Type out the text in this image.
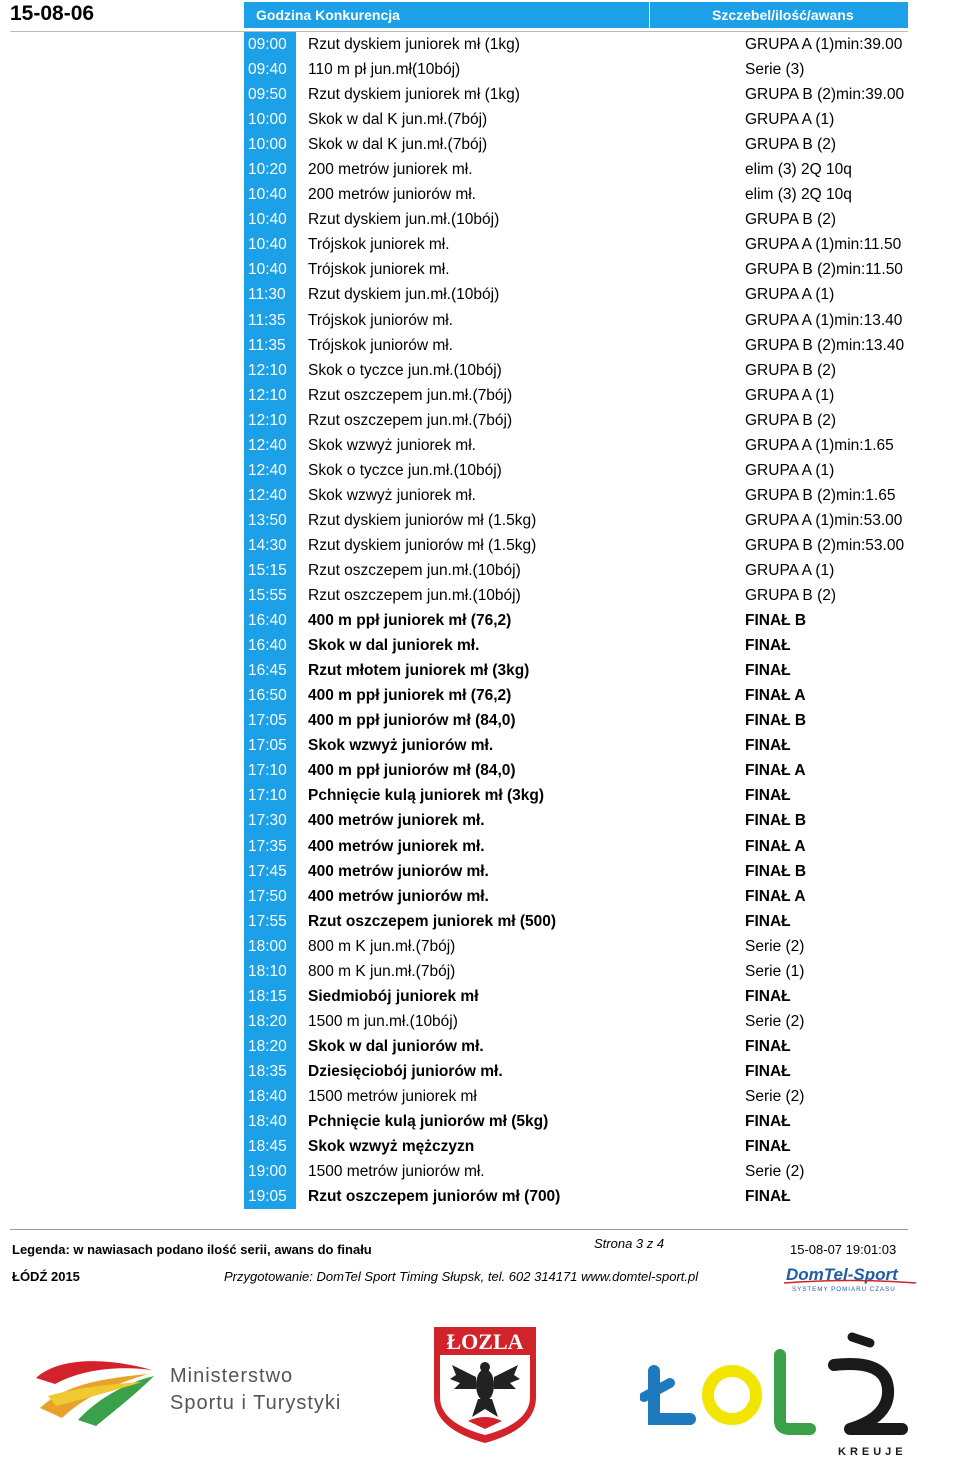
15-08-06	Godzina Konkurencja	Szczebel/ilość/awans
09:00	Rzut dyskiem juniorek mł (1kg)	GRUPA A (1)min:39.00
09:40	110 m pł jun.mł(10bój)	Serie (3)
09:50	Rzut dyskiem juniorek mł (1kg)	GRUPA B (2)min:39.00
10:00	Skok w dal K jun.mł.(7bój)	GRUPA A (1)
10:00	Skok w dal K jun.mł.(7bój)	GRUPA B (2)
10:20	200 metrów juniorek mł.	elim (3) 2Q 10q
10:40	200 metrów juniorów mł.	elim (3) 2Q 10q
10:40	Rzut dyskiem jun.mł.(10bój)	GRUPA B (2)
10:40	Trójskok juniorek mł.	GRUPA A (1)min:11.50
10:40	Trójskok juniorek mł.	GRUPA B (2)min:11.50
11:30	Rzut dyskiem jun.mł.(10bój)	GRUPA A (1)
11:35	Trójskok juniorów mł.	GRUPA A (1)min:13.40
11:35	Trójskok juniorów mł.	GRUPA B (2)min:13.40
12:10	Skok o tyczce jun.mł.(10bój)	GRUPA B (2)
12:10	Rzut oszczepem jun.mł.(7bój)	GRUPA A (1)
12:10	Rzut oszczepem jun.mł.(7bój)	GRUPA B (2)
12:40	Skok wzwyż juniorek mł.	GRUPA A (1)min:1.65
12:40	Skok o tyczce jun.mł.(10bój)	GRUPA A (1)
12:40	Skok wzwyż juniorek mł.	GRUPA B (2)min:1.65
13:50	Rzut dyskiem juniorów mł (1.5kg)	GRUPA A (1)min:53.00
14:30	Rzut dyskiem juniorów mł (1.5kg)	GRUPA B (2)min:53.00
15:15	Rzut oszczepem jun.mł.(10bój)	GRUPA A (1)
15:55	Rzut oszczepem jun.mł.(10bój)	GRUPA B (2)
16:40	400 m ppł juniorek mł (76,2)	FINAŁ B
16:40	Skok w dal juniorek mł.	FINAŁ
16:45	Rzut młotem juniorek mł (3kg)	FINAŁ
16:50	400 m ppł juniorek mł (76,2)	FINAŁ A
17:05	400 m ppł juniorów mł (84,0)	FINAŁ B
17:05	Skok wzwyż juniorów mł.	FINAŁ
17:10	400 m ppł juniorów mł (84,0)	FINAŁ A
17:10	Pchnięcie kulą juniorek mł (3kg)	FINAŁ
17:30	400 metrów juniorek mł.	FINAŁ B
17:35	400 metrów juniorek mł.	FINAŁ A
17:45	400 metrów juniorów mł.	FINAŁ B
17:50	400 metrów juniorów mł.	FINAŁ A
17:55	Rzut oszczepem juniorek mł (500)	FINAŁ
18:00	800 m K jun.mł.(7bój)	Serie (2)
18:10	800 m K jun.mł.(7bój)	Serie (1)
18:15	Siedmiobój juniorek mł	FINAŁ
18:20	1500 m jun.mł.(10bój)	Serie (2)
18:20	Skok w dal juniorów mł.	FINAŁ
18:35	Dziesięciobój juniorów mł.	FINAŁ
18:40	1500 metrów juniorek mł	Serie (2)
18:40	Pchnięcie kulą juniorów mł (5kg)	FINAŁ
18:45	Skok wzwyż mężczyzn	FINAŁ
19:00	1500 metrów juniorów mł.	Serie (2)
19:05	Rzut oszczepem juniorów mł (700)	FINAŁ
Legenda: w nawiasach podano ilość serii, awans do finału	Strona 3 z 4	15-08-07 19:01:03
ŁÓDŹ 2015	Przygotowanie: DomTel Sport Timing Słupsk, tel. 602 314171 www.domtel-sport.pl	DomTel-Sport
SYSTEMY POMIARU CZASU
Ministerstwo
Sportu i Turystyki
ŁOZLA
KREUJE
